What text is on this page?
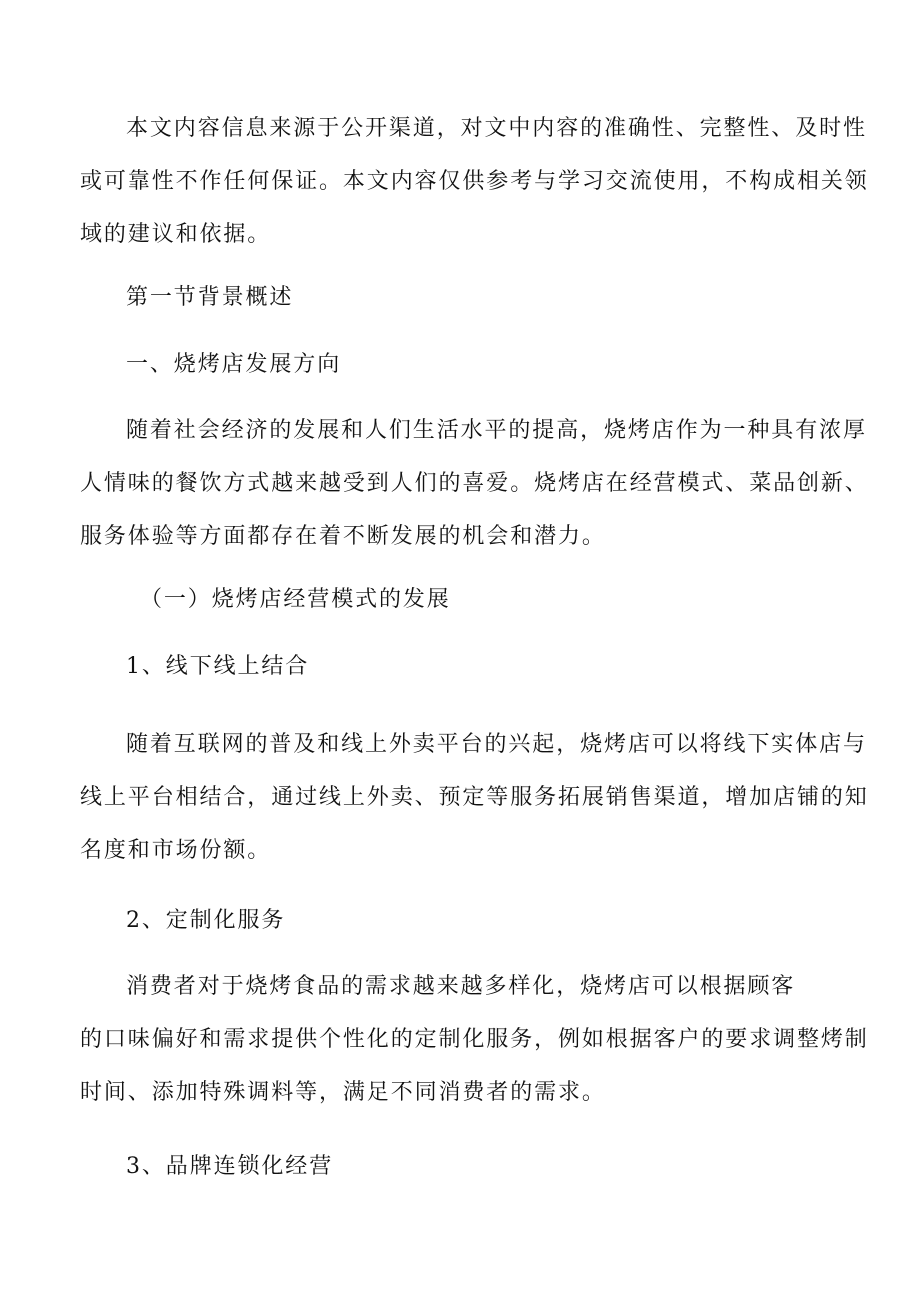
本文内容信息来源于公开渠道，对文中内容的准确性、完整性、及时性
或可靠性不作任何保证。本文内容仅供参考与学习交流使用，不构成相关领
域的建议和依据。
第一节背景概述
一、烧烤店发展方向
随着社会经济的发展和人们生活水平的提高，烧烤店作为一种具有浓厚
人情味的餐饮方式越来越受到人们的喜爱。烧烤店在经营模式、菜品创新、
服务体验等方面都存在着不断发展的机会和潜力。
（一）烧烤店经营模式的发展
1、线下线上结合
随着互联网的普及和线上外卖平台的兴起，烧烤店可以将线下实体店与
线上平台相结合，通过线上外卖、预定等服务拓展销售渠道，增加店铺的知
名度和市场份额。
2、定制化服务
消费者对于烧烤食品的需求越来越多样化，烧烤店可以根据顾客
的口味偏好和需求提供个性化的定制化服务，例如根据客户的要求调整烤制
时间、添加特殊调料等，满足不同消费者的需求。
3、品牌连锁化经营
